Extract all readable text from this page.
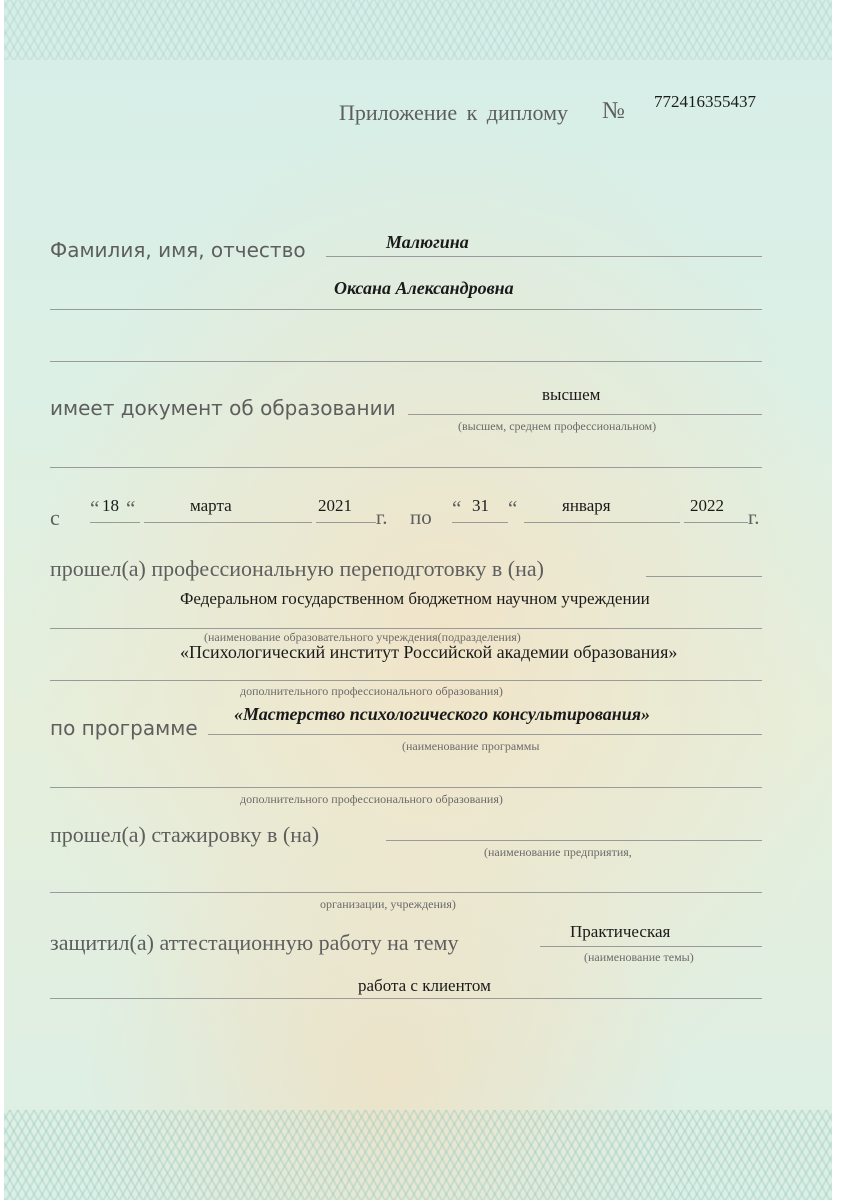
Приложение к диплому № 772416355437
Фамилия, имя, отчество	Малюгина
Оксана Александровна
имеет документ об образовании
высшем
(высшем, среднем профессиональном)
с “ 18 “	марта	2021 г. по “ 31 “	января	2022 г.
прошел(а) профессиональную переподготовку в (на)
Федеральном государственном бюджетном научном учреждении
(наименование образовательного учреждения(подразделения)
«Психологический институт Российской академии образования»
дополнительного профессионального образования)
по программе
«Мастерство психологического консультирования»
(наименование программы
дополнительного профессионального образования)
прошел(а) стажировку в (на)
(наименование предприятия,
организации, учреждения)
защитил(а) аттестационную работу на тему	Практическая
(наименование темы)
работа с клиентом
